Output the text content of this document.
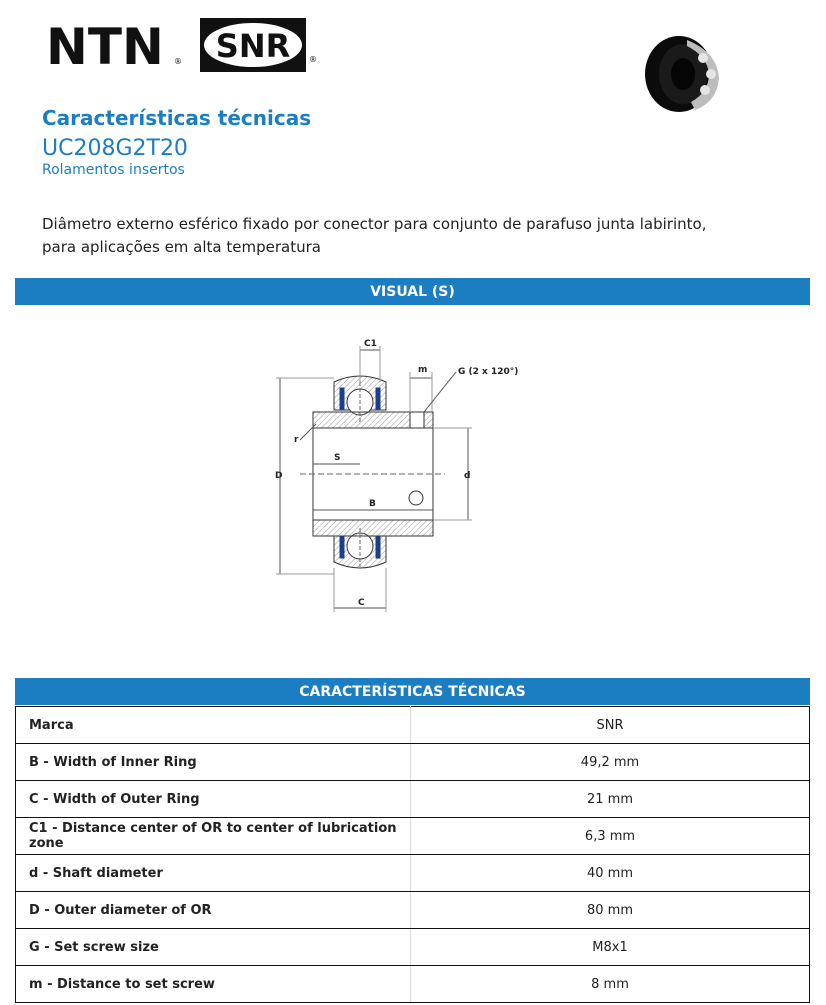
NTN ® SNR ®
Características técnicas
UC208G2T20
Rolamentos insertos
Diâmetro externo esférico fixado por conector para conjunto de parafuso junta labirinto,
para aplicações em alta temperatura
VISUAL (S)
C1
m	G (2 x 120°)
r
D
S
d
B
C
CARACTERÍSTICAS TÉCNICAS
Marca	SNR
B - Width of Inner Ring	49,2 mm
C - Width of Outer Ring	21 mm
C1 - Distance center of OR to center of lubrication zone	6,3 mm
d - Shaft diameter	40 mm
D - Outer diameter of OR	80 mm
G - Set screw size	M8x1
m - Distance to set screw	8 mm
